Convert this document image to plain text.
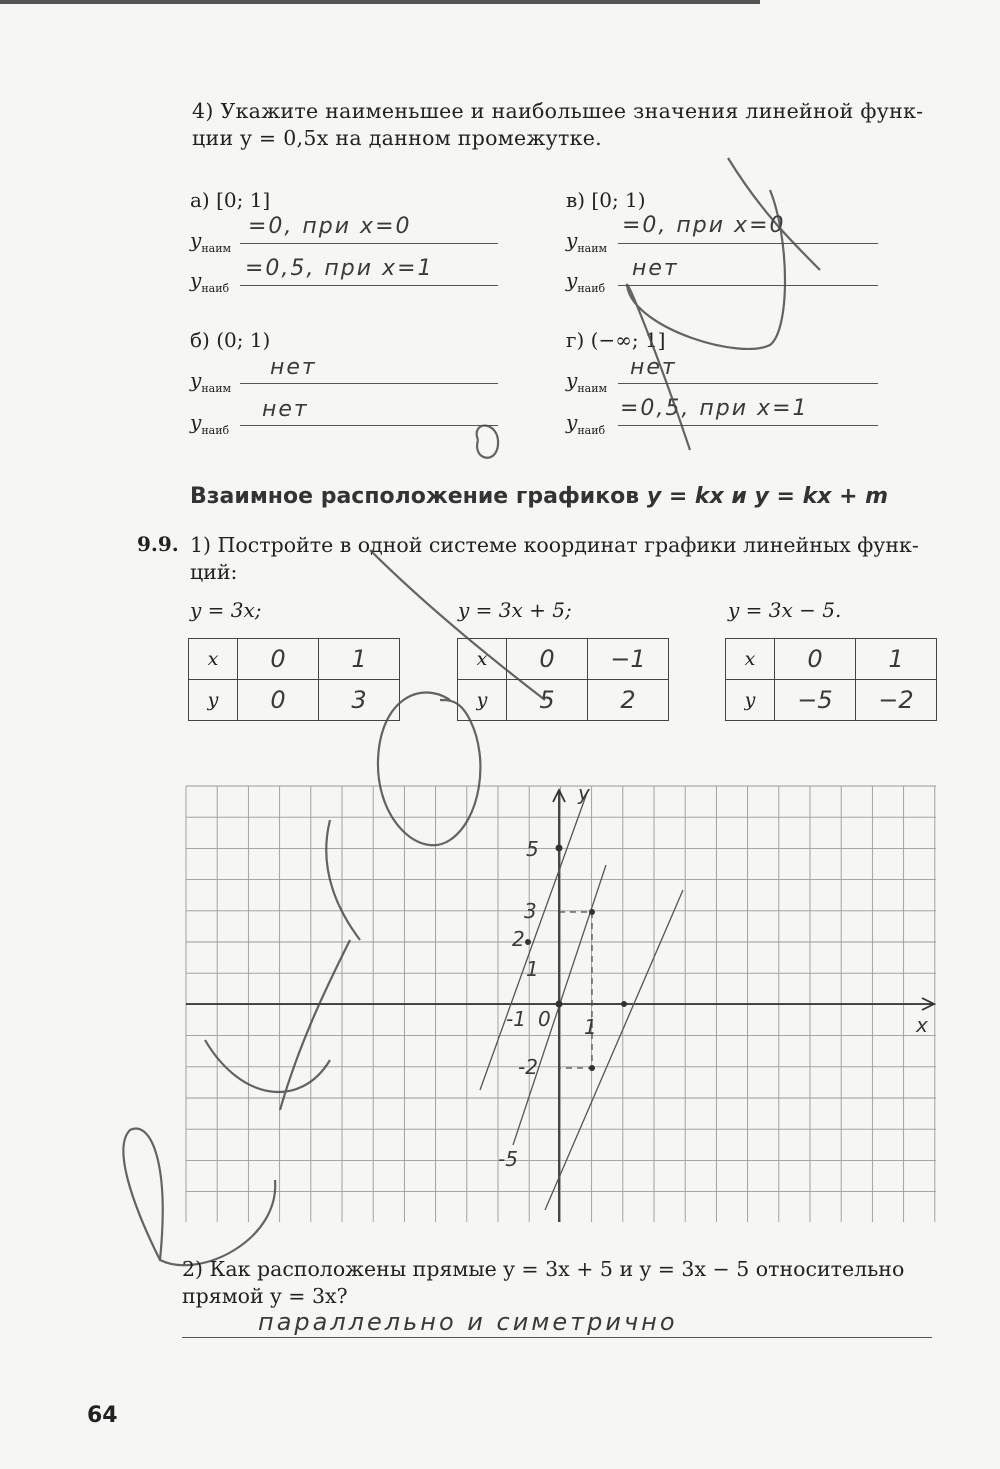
4) Укажите наименьшее и наибольшее значения линейной функ-
ции y = 0,5x на данном промежутке.
а) [0; 1]
$y_{наим}$
=0, при x=0
$y_{наиб}$
=0,5, при x=1
в) [0; 1)
$y_{наим}$
=0, при x=0
$y_{наиб}$
нет
б) (0; 1)
$y_{наим}$
нет
$y_{наиб}$
нет
г) (−∞; 1]
$y_{наим}$
нет
$y_{наиб}$
=0,5, при x=1
Взаимное расположение графиков y = kx и y = kx + m
9.9. 1) Постройте в одной системе координат графики линейных функ-
ций:
y = 3x;	y = 3x + 5;	y = 3x − 5.
x	0	1
y	0	3
x	0	−1
y	5	2
x	0	1
y	−5	−2
y
x
5
3
2
1
-1 0 1
-2
-5
2) Как расположены прямые y = 3x + 5 и y = 3x − 5 относительно
прямой y = 3x?
параллельно и симетрично
64
